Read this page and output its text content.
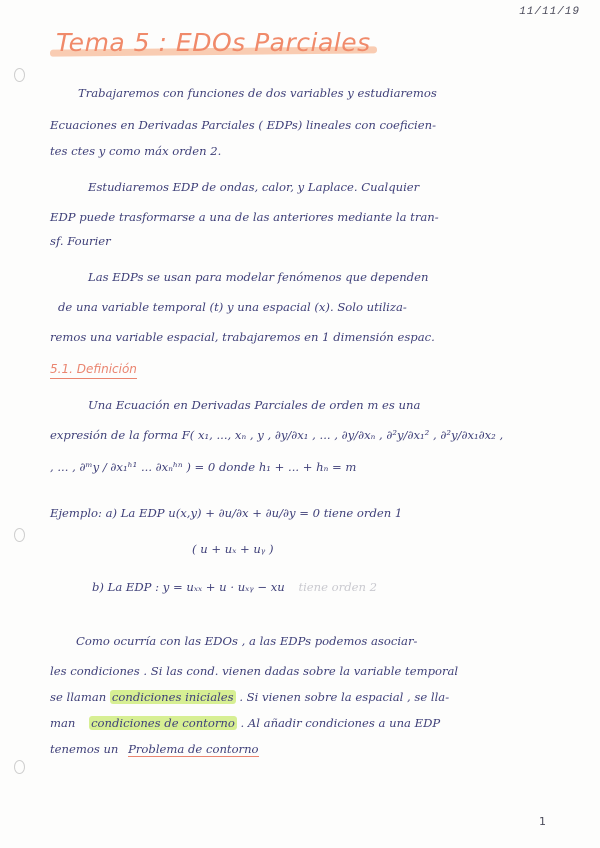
11/11/19
Tema 5 : EDOs Parciales
Trabajaremos con funciones de dos variables y estudiaremos
Ecuaciones en Derivadas Parciales ( EDPs) lineales con coeficien-
tes ctes y como máx orden 2.
Estudiaremos EDP de ondas, calor, y Laplace. Cualquier
EDP puede trasformarse a una de las anteriores mediante la tran-
sf. Fourier
Las EDPs se usan para modelar fenómenos que dependen
de una variable temporal (t) y una espacial (x). Solo utiliza-
remos una variable espacial, trabajaremos en 1 dimensión espac.
5.1. Definición
Una Ecuación en Derivadas Parciales de orden m es una
expresión de la forma F( x₁, ..., xₙ , y , ∂y/∂x₁ , ... , ∂y/∂xₙ , ∂²y/∂x₁² , ∂²y/∂x₁∂x₂ ,
, ... , ∂ᵐy / ∂x₁ʰ¹ ... ∂xₙʰⁿ ) = 0 donde h₁ + ... + hₙ = m
Ejemplo: a) La EDP u(x,y) + ∂u/∂x + ∂u/∂y = 0 tiene orden 1
( u + uₓ + uᵧ )
b) La EDP : y = uₓₓ + u · uₓᵧ − xu tiene orden 2
Como ocurría con las EDOs , a las EDPs podemos asociar-
les condiciones . Si las cond. vienen dadas sobre la variable temporal
se llaman condiciones iniciales . Si vienen sobre la espacial , se lla-
man condiciones de contorno . Al añadir condiciones a una EDP
tenemos un Problema de contorno
1
